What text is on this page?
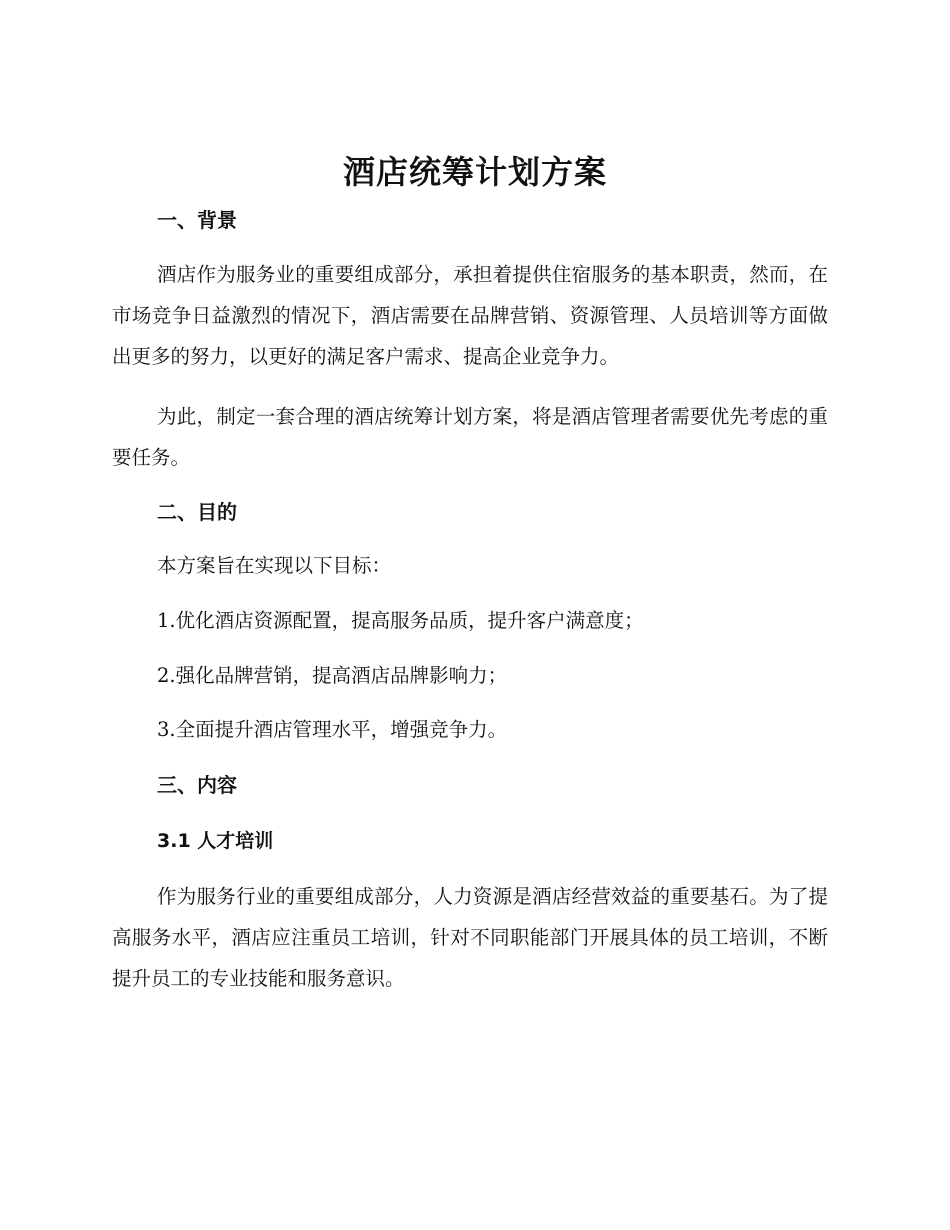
酒店统筹计划方案
一、背景

酒店作为服务业的重要组成部分，承担着提供住宿服务的基本职责，然而，在市场竞争日益激烈的情况下，酒店需要在品牌营销、资源管理、人员培训等方面做出更多的努力，以更好的满足客户需求、提高企业竞争力。

为此，制定一套合理的酒店统筹计划方案，将是酒店管理者需要优先考虑的重要任务。

二、目的
本方案旨在实现以下目标：
1.优化酒店资源配置，提高服务品质，提升客户满意度；
2.强化品牌营销，提高酒店品牌影响力；
3.全面提升酒店管理水平，增强竞争力。
三、内容
3.1 人才培训

作为服务行业的重要组成部分，人力资源是酒店经营效益的重要基石。为了提高服务水平，酒店应注重员工培训，针对不同职能部门开展具体的员工培训，不断提升员工的专业技能和服务意识。
